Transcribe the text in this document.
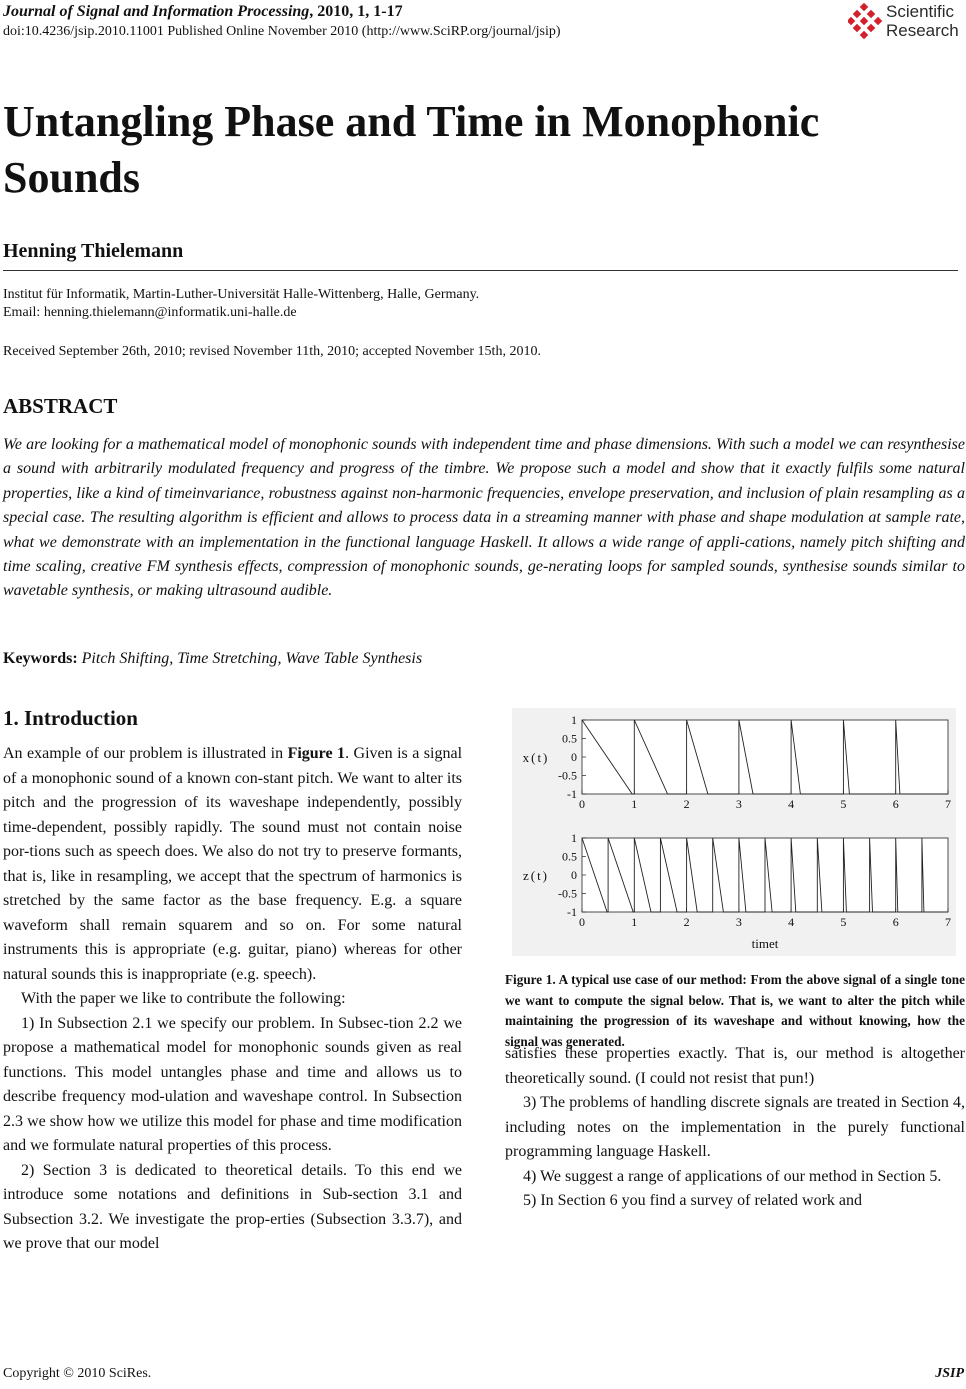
Journal of Signal and Information Processing, 2010, 1, 1-17
doi:10.4236/jsip.2010.11001 Published Online November 2010 (http://www.SciRP.org/journal/jsip)
Scientific
Research
Untangling Phase and Time in Monophonic Sounds
Henning Thielemann
Institut für Informatik, Martin-Luther-Universität Halle-Wittenberg, Halle, Germany.
Email: henning.thielemann@informatik.uni-halle.de
Received September 26th, 2010; revised November 11th, 2010; accepted November 15th, 2010.
ABSTRACT
We are looking for a mathematical model of monophonic sounds with independent time and phase dimensions. With such a model we can resynthesise a sound with arbitrarily modulated frequency and progress of the timbre. We propose such a model and show that it exactly fulfils some natural properties, like a kind of timeinvariance, robustness against non-harmonic frequencies, envelope preservation, and inclusion of plain resampling as a special case. The resulting algorithm is efficient and allows to process data in a streaming manner with phase and shape modulation at sample rate, what we demonstrate with an implementation in the functional language Haskell. It allows a wide range of appli-cations, namely pitch shifting and time scaling, creative FM synthesis effects, compression of monophonic sounds, ge-nerating loops for sampled sounds, synthesise sounds similar to wavetable synthesis, or making ultrasound audible.
Keywords: Pitch Shifting, Time Stretching, Wave Table Synthesis
1. Introduction

An example of our problem is illustrated in Figure 1. Given is a signal of a monophonic sound of a known con-stant pitch. We want to alter its pitch and the progression of its waveshape independently, possibly time-dependent, possibly rapidly. The sound must not contain noise por-tions such as speech does. We also do not try to preserve formants, that is, like in resampling, we accept that the spectrum of harmonics is stretched by the same factor as the base frequency. E.g. a square waveform shall remain squarem and so on. For some natural instruments this is appropriate (e.g. guitar, piano) whereas for other natural sounds this is inappropriate (e.g. speech).

With the paper we like to contribute the following:

1) In Subsection 2.1 we specify our problem. In Subsec-tion 2.2 we propose a mathematical model for monophonic sounds given as real functions. This model untangles phase and time and allows us to describe frequency mod-ulation and waveshape control. In Subsection 2.3 we show how we utilize this model for phase and time modification and we formulate natural properties of this process.

2) Section 3 is dedicated to theoretical details. To this end we introduce some notations and definitions in Sub-section 3.1 and Subsection 3.2. We investigate the prop-erties (Subsection 3.3.7), and we prove that our model

1
0.5
0
-0.5
-1
0	1	2	3	4	5	6	7
x(t)
1
0.5
0
-0.5
-1
0	1	2	3	4	5	6	7
z(t)
timet
Figure 1. A typical use case of our method: From the above signal of a single tone we want to compute the signal below. That is, we want to alter the pitch while maintaining the progression of its waveshape and without knowing, how the signal was generated.

satisfies these properties exactly. That is, our method is altogether theoretically sound. (I could not resist that pun!)

3) The problems of handling discrete signals are treated in Section 4, including notes on the implementation in the purely functional programming language Haskell.

4) We suggest a range of applications of our method in Section 5.

5) In Section 6 you find a survey of related work and

Copyright © 2010 SciRes.	JSIP
